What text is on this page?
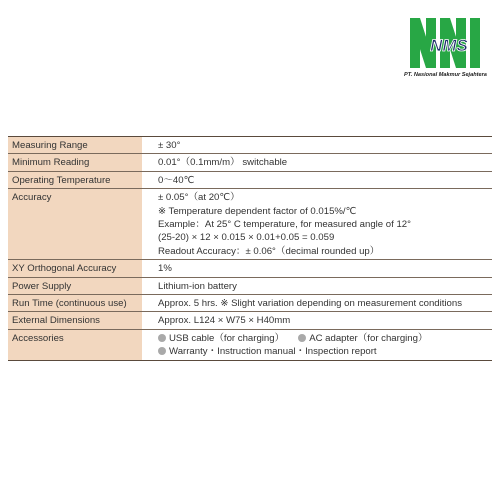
NMS
PT. Nasional Makmur Sejahtera
Measuring Range	± 30°

Minimum Reading	0.01°（0.1mm/m） switchable

Operating Temperature	0～40℃

Accuracy	± 0.05°（at 20℃）
※ Temperature dependent factor of 0.015%/℃
Example：At 25° C temperature, for measured angle of 12°
(25-20) × 12 × 0.015 × 0.01+0.05 = 0.059
Readout Accuracy：± 0.06°（decimal rounded up）

XY Orthogonal Accuracy	1%

Power Supply	Lithium-ion battery

Run Time (continuous use)	Approx. 5 hrs. ※ Slight variation depending on measurement conditions

External Dimensions	Approx. L124 × W75 × H40mm

Accessories	USB cable（for charging） AC adapter（for charging）
Warranty・Instruction manual・Inspection report
